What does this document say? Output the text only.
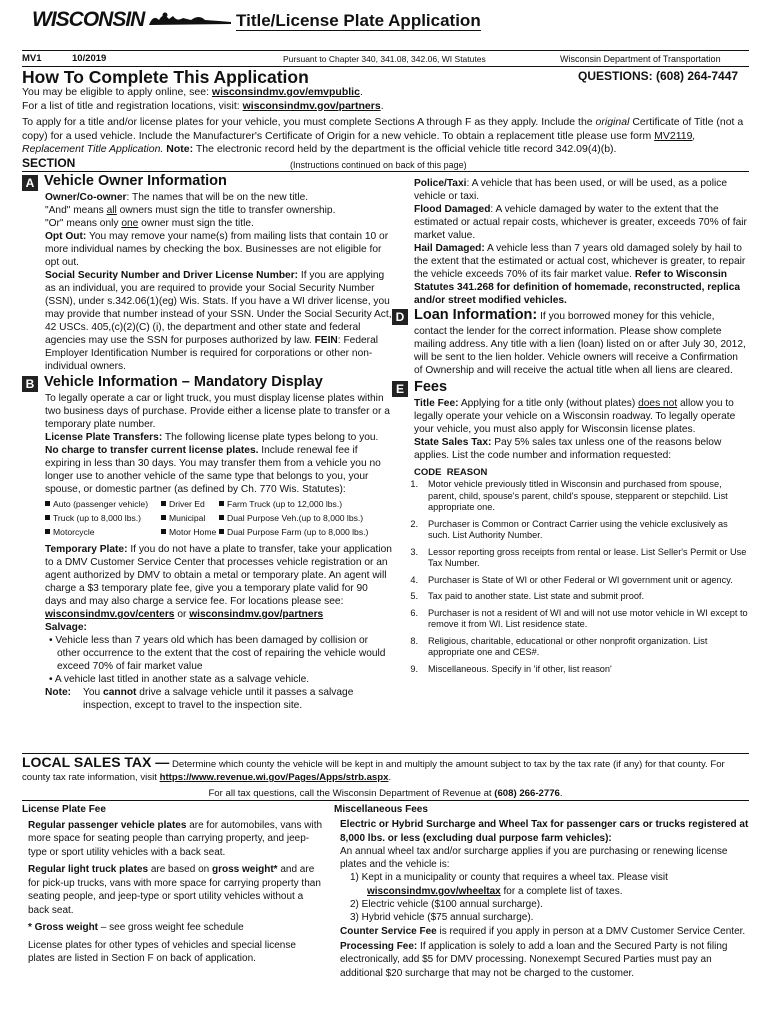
WISCONSIN	Title/License Plate Application
MV1	10/2019	Pursuant to Chapter 340, 341.08, 342.06, WI Statutes	Wisconsin Department of Transportation
How To Complete This Application	QUESTIONS: (608) 264-7447
You may be eligible to apply online, see: wisconsindmv.gov/emvpublic.
For a list of title and registration locations, visit: wisconsindmv.gov/partners.
To apply for a title and/or license plates for your vehicle, you must complete Sections A through F as they apply. Include the original Certificate of Title (not a copy) for a used vehicle. Include the Manufacturer's Certificate of Origin for a new vehicle. To obtain a replacement title please use form MV2119, Replacement Title Application. Note: The electronic record held by the department is the official vehicle title record 342.09(4)(b).
SECTION	(Instructions continued on back of this page)
A Vehicle Owner Information
Owner/Co-owner: The names that will be on the new title.
"And" means all owners must sign the title to transfer ownership.
"Or" means only one owner must sign the title.
Opt Out: You may remove your name(s) from mailing lists that contain 10 or more individual names by checking the box. Businesses are not eligible for opt out.
Social Security Number and Driver License Number: If you are applying as an individual, you are required to provide your Social Security Number (SSN), under s.342.06(1)(eg) Wis. Stats. If you have a WI driver license, you may provide that number instead of your SSN. Under the Social Security Act, 42 USCs. 405,(c)(2)(C) (i), the department and other state and federal agencies may use the SSN for purposes authorized by law. FEIN: Federal Employer Identification Number is required for corporations or other non-individual owners.
B Vehicle Information – Mandatory Display
To legally operate a car or light truck, you must display license plates within two business days of purchase. Provide either a license plate to transfer or a temporary plate number.
License Plate Transfers: The following license plate types belong to you. No charge to transfer current license plates. Include renewal fee if expiring in less than 30 days. You may transfer them from a vehicle you no longer use to another vehicle of the same type that belongs to you, your spouse, or domestic partner (as defined by Ch. 770 Wis. Statutes):
Auto (passenger vehicle)	Driver Ed	Farm Truck (up to 12,000 lbs.)
Truck (up to 8,000 lbs.)	Municipal	Dual Purpose Veh.(up to 8,000 lbs.)
Motorcycle	Motor Home	Dual Purpose Farm (up to 8,000 lbs.)
Temporary Plate: If you do not have a plate to transfer, take your application to a DMV Customer Service Center that processes vehicle registration or an agent authorized by DMV to obtain a metal or temporary plate. An agent will charge a $3 temporary plate fee, give you a temporary plate valid for 90 days and may also charge a service fee. For locations please see:
wisconsindmv.gov/centers or wisconsindmv.gov/partners
Salvage:
• Vehicle less than 7 years old which has been damaged by collision or other occurrence to the extent that the cost of repairing the vehicle would exceed 70% of fair market value
• A vehicle last titled in another state as a salvage vehicle.
Note:	You cannot drive a salvage vehicle until it passes a salvage inspection, except to travel to the inspection site.
Police/Taxi: A vehicle that has been used, or will be used, as a police vehicle or taxi.
Flood Damaged: A vehicle damaged by water to the extent that the estimated or actual repair costs, whichever is greater, exceeds 70% of fair market value.
Hail Damaged: A vehicle less than 7 years old damaged solely by hail to the extent that the estimated or actual cost, whichever is greater, to repair the vehicle exceeds 70% of its fair market value. Refer to Wisconsin Statutes 341.268 for definition of homemade, reconstructed, replica and/or street modified vehicles.
D Loan Information: If you borrowed money for this vehicle,
contact the lender for the correct information. Please show complete mailing address. Any title with a lien (loan) listed on or after July 30, 2012, will be sent to the lien holder. Vehicle owners will receive a Confirmation of Ownership and will receive the actual title when all liens are cleared.
E Fees
Title Fee: Applying for a title only (without plates) does not allow you to legally operate your vehicle on a Wisconsin roadway. To legally operate your vehicle, you must also apply for Wisconsin license plates.
State Sales Tax: Pay 5% sales tax unless one of the reasons below applies. List the code number and information requested:
CODE  REASON
1.	Motor vehicle previously titled in Wisconsin and purchased from spouse, parent, child, spouse's parent, child's spouse, stepparent or stepchild. List appropriate one.
2.	Purchaser is Common or Contract Carrier using the vehicle exclusively as such. List Authority Number.
3.	Lessor reporting gross receipts from rental or lease. List Seller's Permit or Use Tax Number.
4.	Purchaser is State of WI or other Federal or WI government unit or agency.
5.	Tax paid to another state. List state and submit proof.
6.	Purchaser is not a resident of WI and will not use motor vehicle in WI except to remove it from WI. List residence state.
8.	Religious, charitable, educational or other nonprofit organization. List appropriate one and CES#.
9.	Miscellaneous. Specify in 'if other, list reason'
LOCAL SALES TAX — Determine which county the vehicle will be kept in and multiply the amount subject to tax by the tax rate (if any) for that county. For county tax rate information, visit https://www.revenue.wi.gov/Pages/Apps/strb.aspx.
For all tax questions, call the Wisconsin Department of Revenue at (608) 266-2776.
License Plate Fee
Regular passenger vehicle plates are for automobiles, vans with more space for seating people than carrying property, and jeep-type or sport utility vehicles with a back seat.
Regular light truck plates are based on gross weight* and are for pick-up trucks, vans with more space for carrying property than seating people, and jeep-type or sport utility vehicles without a back seat.
* Gross weight – see gross weight fee schedule
License plates for other types of vehicles and special license plates are listed in Section F on back of application.
Miscellaneous Fees
Electric or Hybrid Surcharge and Wheel Tax for passenger cars or trucks registered at 8,000 lbs. or less (excluding dual purpose farm vehicles):
An annual wheel tax and/or surcharge applies if you are purchasing or renewing license plates and the vehicle is:
1) Kept in a municipality or county that requires a wheel tax. Please visit
wisconsindmv.gov/wheeltax for a complete list of taxes.
2) Electric vehicle ($100 annual surcharge).
3) Hybrid vehicle ($75 annual surcharge).
Counter Service Fee is required if you apply in person at a DMV Customer Service Center.
Processing Fee: If application is solely to add a loan and the Secured Party is not filing electronically, add $5 for DMV processing. Nonexempt Secured Parties must pay an additional $20 surcharge that may not be charged to the customer.
